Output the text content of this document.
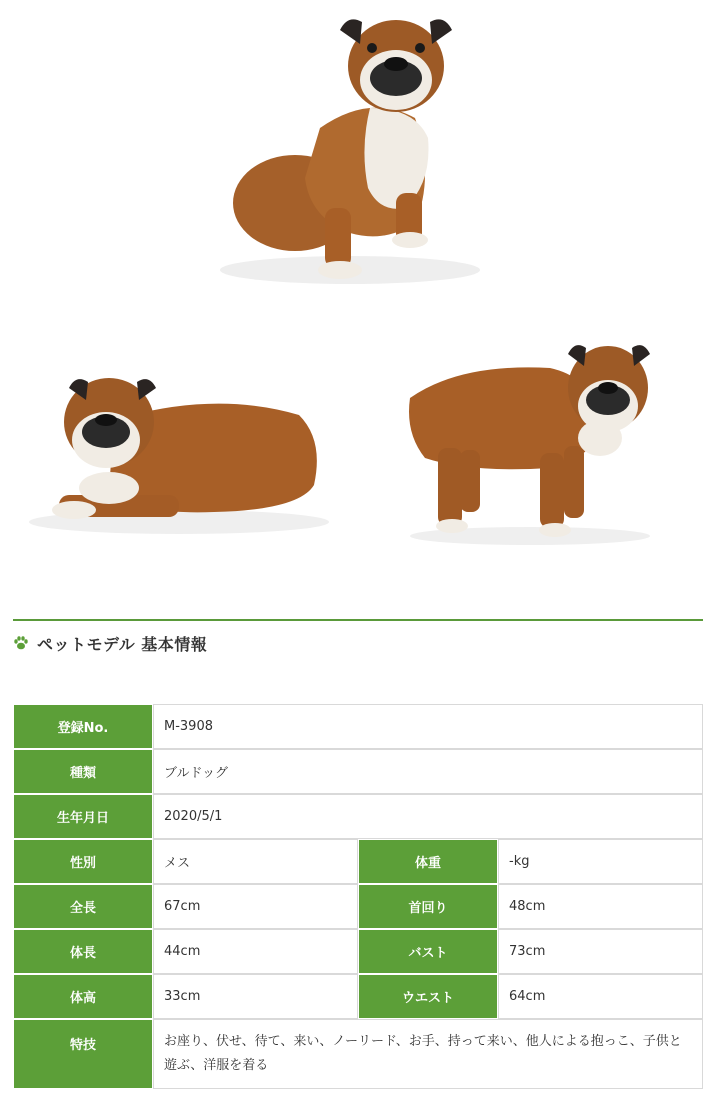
ペットモデル 基本情報
登録No.	M-3908		
種類	ブルドッグ		
生年月日	2020/5/1		
性別	メス	体重	-kg
全長	67cm	首回り	48cm
体長	44cm	バスト	73cm
体高	33cm	ウエスト	64cm
特技	お座り、伏せ、待て、来い、ノーリード、お手、持って来い、他人による抱っこ、子供と遊ぶ、洋服を着る		
